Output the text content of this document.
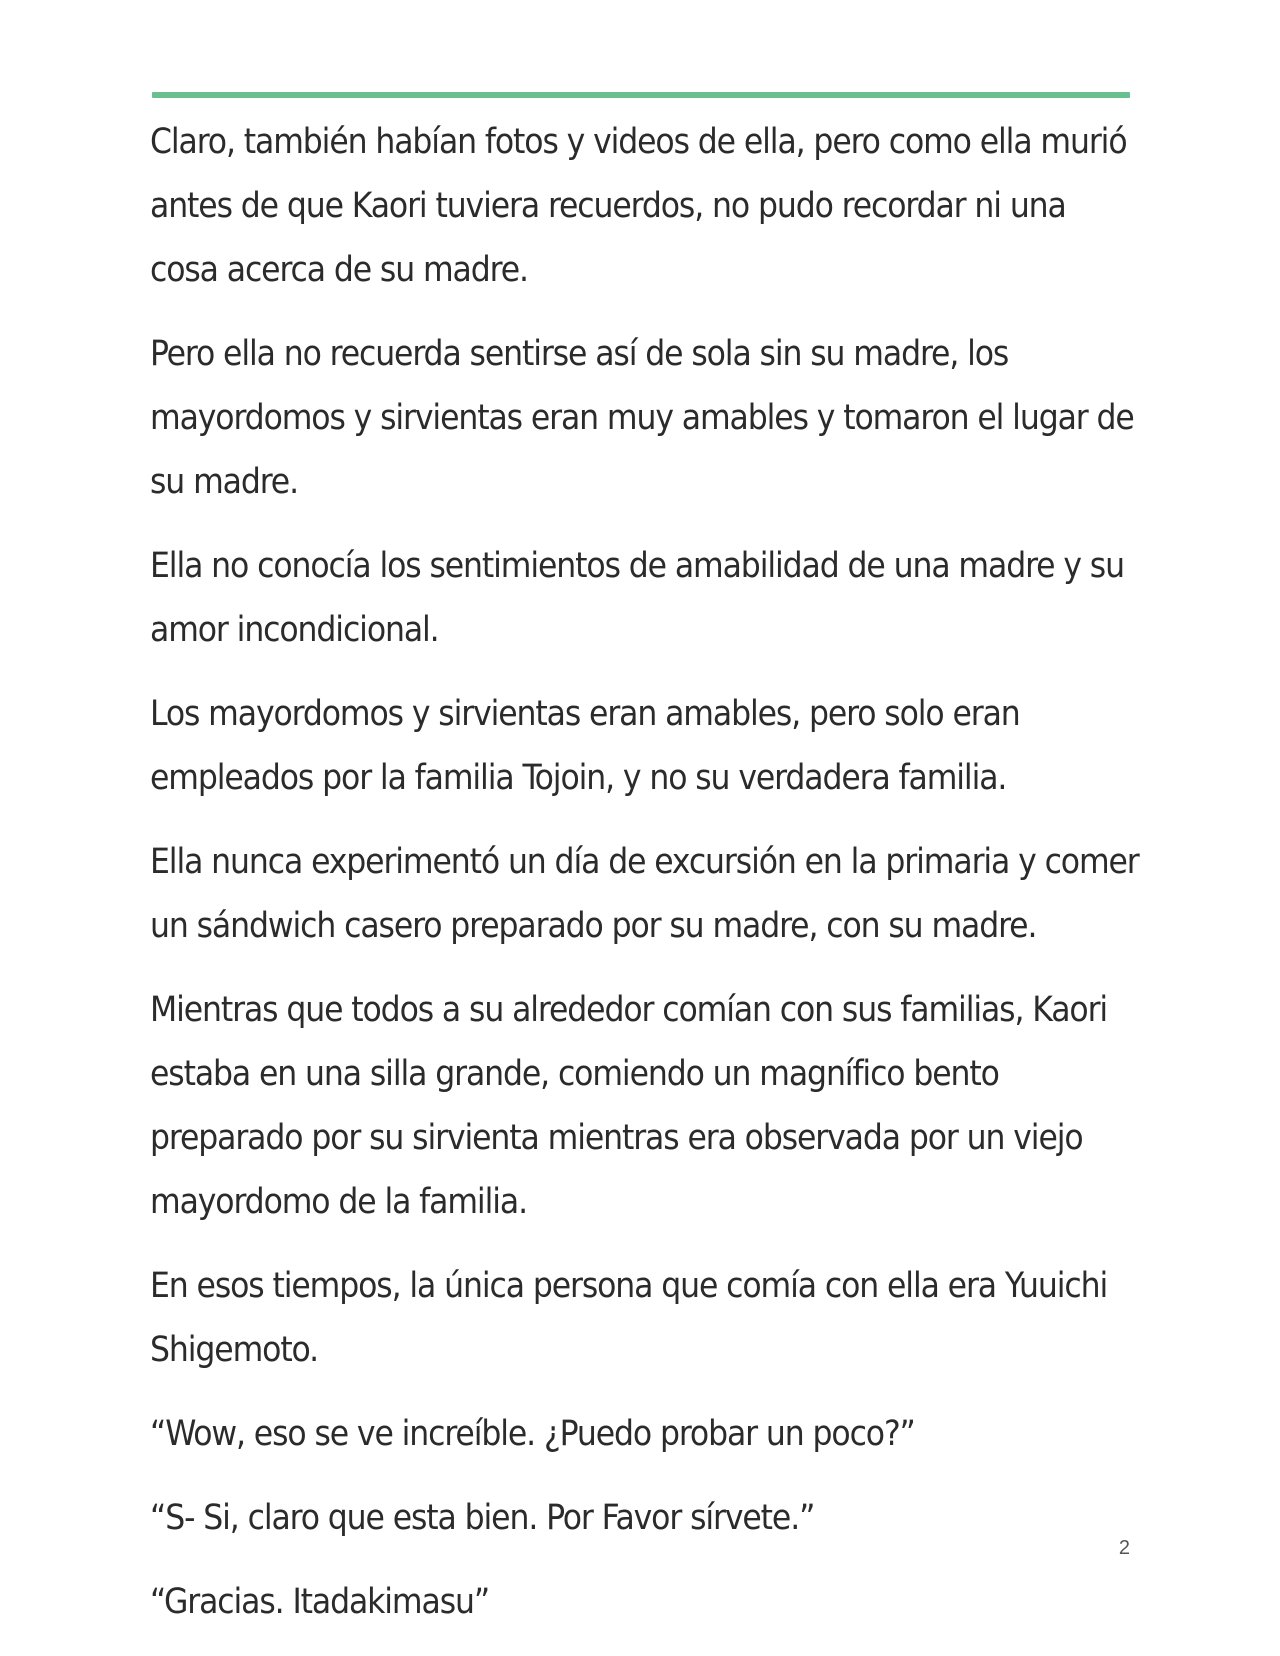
Claro, también habían fotos y videos de ella, pero como ella murió antes de que Kaori tuviera recuerdos, no pudo recordar ni una cosa acerca de su madre.

Pero ella no recuerda sentirse así de sola sin su madre, los mayordomos y sirvientas eran muy amables y tomaron el lugar de su madre.

Ella no conocía los sentimientos de amabilidad de una madre y su amor incondicional.

Los mayordomos y sirvientas eran amables, pero solo eran empleados por la familia Tojoin, y no su verdadera familia.

Ella nunca experimentó un día de excursión en la primaria y comer un sándwich casero preparado por su madre, con su madre.

Mientras que todos a su alrededor comían con sus familias, Kaori estaba en una silla grande, comiendo un magnífico bento preparado por su sirvienta mientras era observada por un viejo mayordomo de la familia.

En esos tiempos, la única persona que comía con ella era Yuuichi Shigemoto.

“Wow, eso se ve increíble. ¿Puedo probar un poco?”

“S- Si, claro que esta bien. Por Favor sírvete.”

“Gracias. Itadakimasu”

2
